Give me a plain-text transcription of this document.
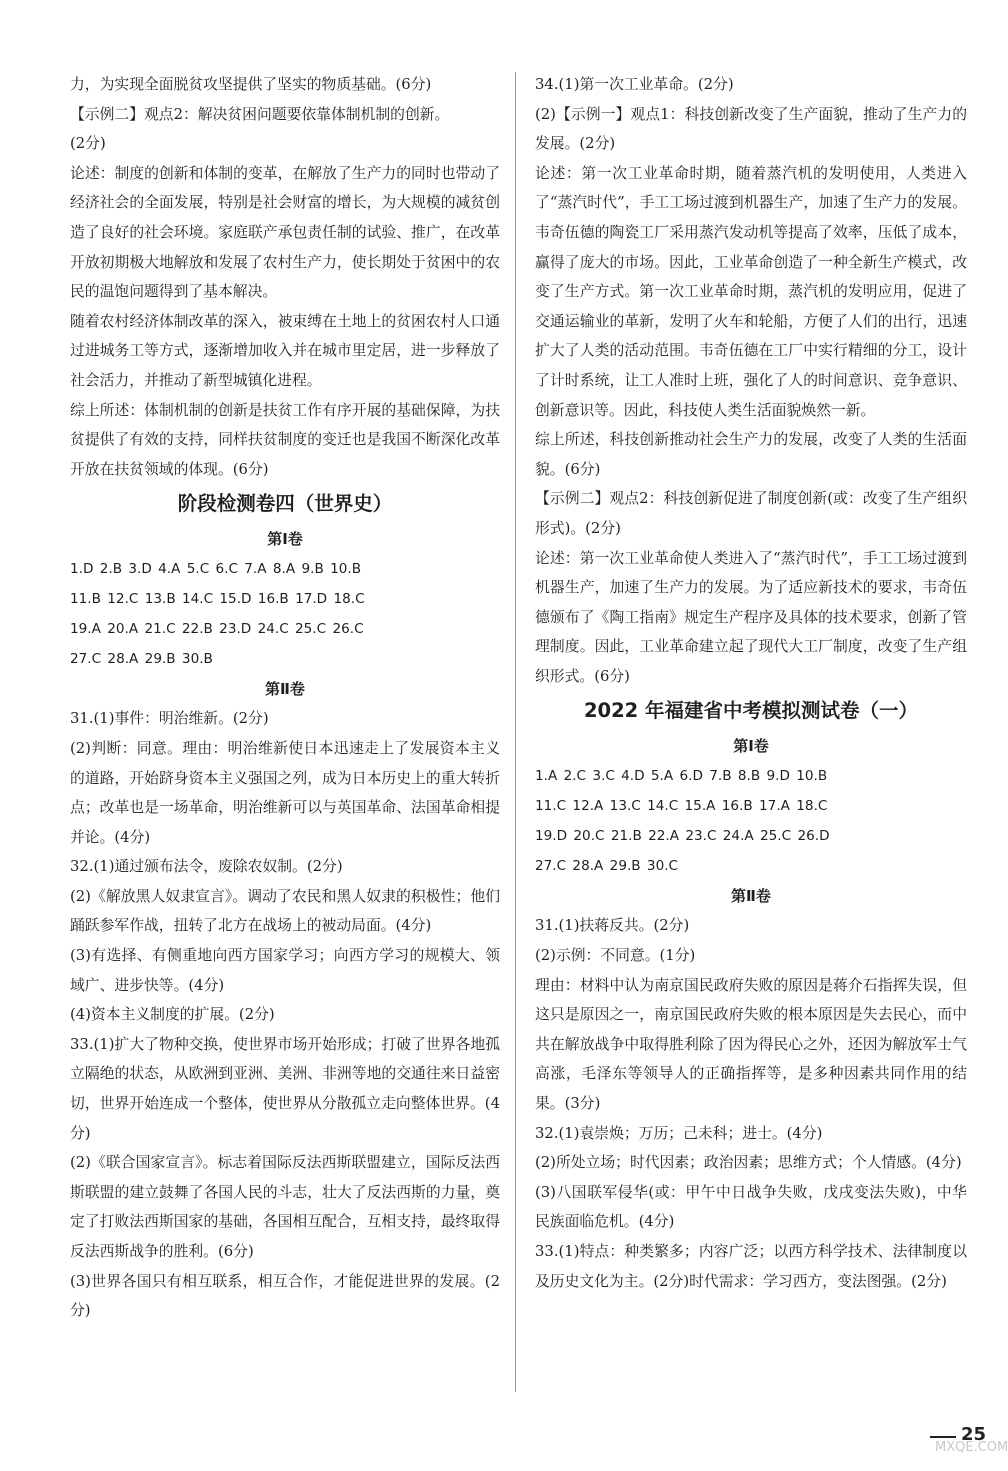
力，为实现全面脱贫攻坚提供了坚实的物质基础。(6分)

【示例二】观点2：解决贫困问题要依靠体制机制的创新。

(2分)

论述：制度的创新和体制的变革，在解放了生产力的同时也带动了经济社会的全面发展，特别是社会财富的增长，为大规模的减贫创造了良好的社会环境。家庭联产承包责任制的试验、推广，在改革开放初期极大地解放和发展了农村生产力，使长期处于贫困中的农民的温饱问题得到了基本解决。

随着农村经济体制改革的深入，被束缚在土地上的贫困农村人口通过进城务工等方式，逐渐增加收入并在城市里定居，进一步释放了社会活力，并推动了新型城镇化进程。

综上所述：体制机制的创新是扶贫工作有序开展的基础保障，为扶贫提供了有效的支持，同样扶贫制度的变迁也是我国不断深化改革开放在扶贫领域的体现。(6分)

阶段检测卷四（世界史）
第Ⅰ卷
1.D 2.B 3.D 4.A 5.C 6.C 7.A 8.A 9.B 10.B
11.B 12.C 13.B 14.C 15.D 16.B 17.D 18.C
19.A 20.A 21.C 22.B 23.D 24.C 25.C 26.C
27.C 28.A 29.B 30.B
第Ⅱ卷

31.(1)事件：明治维新。(2分)

(2)判断：同意。理由：明治维新使日本迅速走上了发展资本主义的道路，开始跻身资本主义强国之列，成为日本历史上的重大转折点；改革也是一场革命，明治维新可以与英国革命、法国革命相提并论。(4分)

32.(1)通过颁布法令，废除农奴制。(2分)

(2)《解放黑人奴隶宣言》。调动了农民和黑人奴隶的积极性；他们踊跃参军作战，扭转了北方在战场上的被动局面。(4分)

(3)有选择、有侧重地向西方国家学习；向西方学习的规模大、领域广、进步快等。(4分)

(4)资本主义制度的扩展。(2分)

33.(1)扩大了物种交换，使世界市场开始形成；打破了世界各地孤立隔绝的状态，从欧洲到亚洲、美洲、非洲等地的交通往来日益密切，世界开始连成一个整体，使世界从分散孤立走向整体世界。(4分)

(2)《联合国家宣言》。标志着国际反法西斯联盟建立，国际反法西斯联盟的建立鼓舞了各国人民的斗志，壮大了反法西斯的力量，奠定了打败法西斯国家的基础，各国相互配合，互相支持，最终取得反法西斯战争的胜利。(6分)

(3)世界各国只有相互联系，相互合作，才能促进世界的发展。(2分)

34.(1)第一次工业革命。(2分)

(2)【示例一】观点1：科技创新改变了生产面貌，推动了生产力的发展。(2分)

论述：第一次工业革命时期，随着蒸汽机的发明使用，人类进入了“蒸汽时代”，手工工场过渡到机器生产，加速了生产力的发展。韦奇伍德的陶瓷工厂采用蒸汽发动机等提高了效率，压低了成本，赢得了庞大的市场。因此，工业革命创造了一种全新生产模式，改变了生产方式。第一次工业革命时期，蒸汽机的发明应用，促进了交通运输业的革新，发明了火车和轮船，方便了人们的出行，迅速扩大了人类的活动范围。韦奇伍德在工厂中实行精细的分工，设计了计时系统，让工人准时上班，强化了人的时间意识、竞争意识、创新意识等。因此，科技使人类生活面貌焕然一新。

综上所述，科技创新推动社会生产力的发展，改变了人类的生活面貌。(6分)

【示例二】观点2：科技创新促进了制度创新(或：改变了生产组织形式)。(2分)

论述：第一次工业革命使人类进入了“蒸汽时代”，手工工场过渡到机器生产，加速了生产力的发展。为了适应新技术的要求，韦奇伍德颁布了《陶工指南》规定生产程序及具体的技术要求，创新了管理制度。因此，工业革命建立起了现代大工厂制度，改变了生产组织形式。(6分)

2022 年福建省中考模拟测试卷（一）
第Ⅰ卷
1.A 2.C 3.C 4.D 5.A 6.D 7.B 8.B 9.D 10.B
11.C 12.A 13.C 14.C 15.A 16.B 17.A 18.C
19.D 20.C 21.B 22.A 23.C 24.A 25.C 26.D
27.C 28.A 29.B 30.C
第Ⅱ卷

31.(1)扶蒋反共。(2分)

(2)示例：不同意。(1分)

理由：材料中认为南京国民政府失败的原因是蒋介石指挥失误，但这只是原因之一，南京国民政府失败的根本原因是失去民心，而中共在解放战争中取得胜利除了因为得民心之外，还因为解放军士气高涨，毛泽东等领导人的正确指挥等，是多种因素共同作用的结果。(3分)

32.(1)袁崇焕；万历；己未科；进士。(4分)

(2)所处立场；时代因素；政治因素；思维方式；个人情感。(4分)

(3)八国联军侵华(或：甲午中日战争失败，戊戌变法失败)，中华民族面临危机。(4分)

33.(1)特点：种类繁多；内容广泛；以西方科学技术、法律制度以及历史文化为主。(2分)时代需求：学习西方，变法图强。(2分)

25
MXQE.COM
